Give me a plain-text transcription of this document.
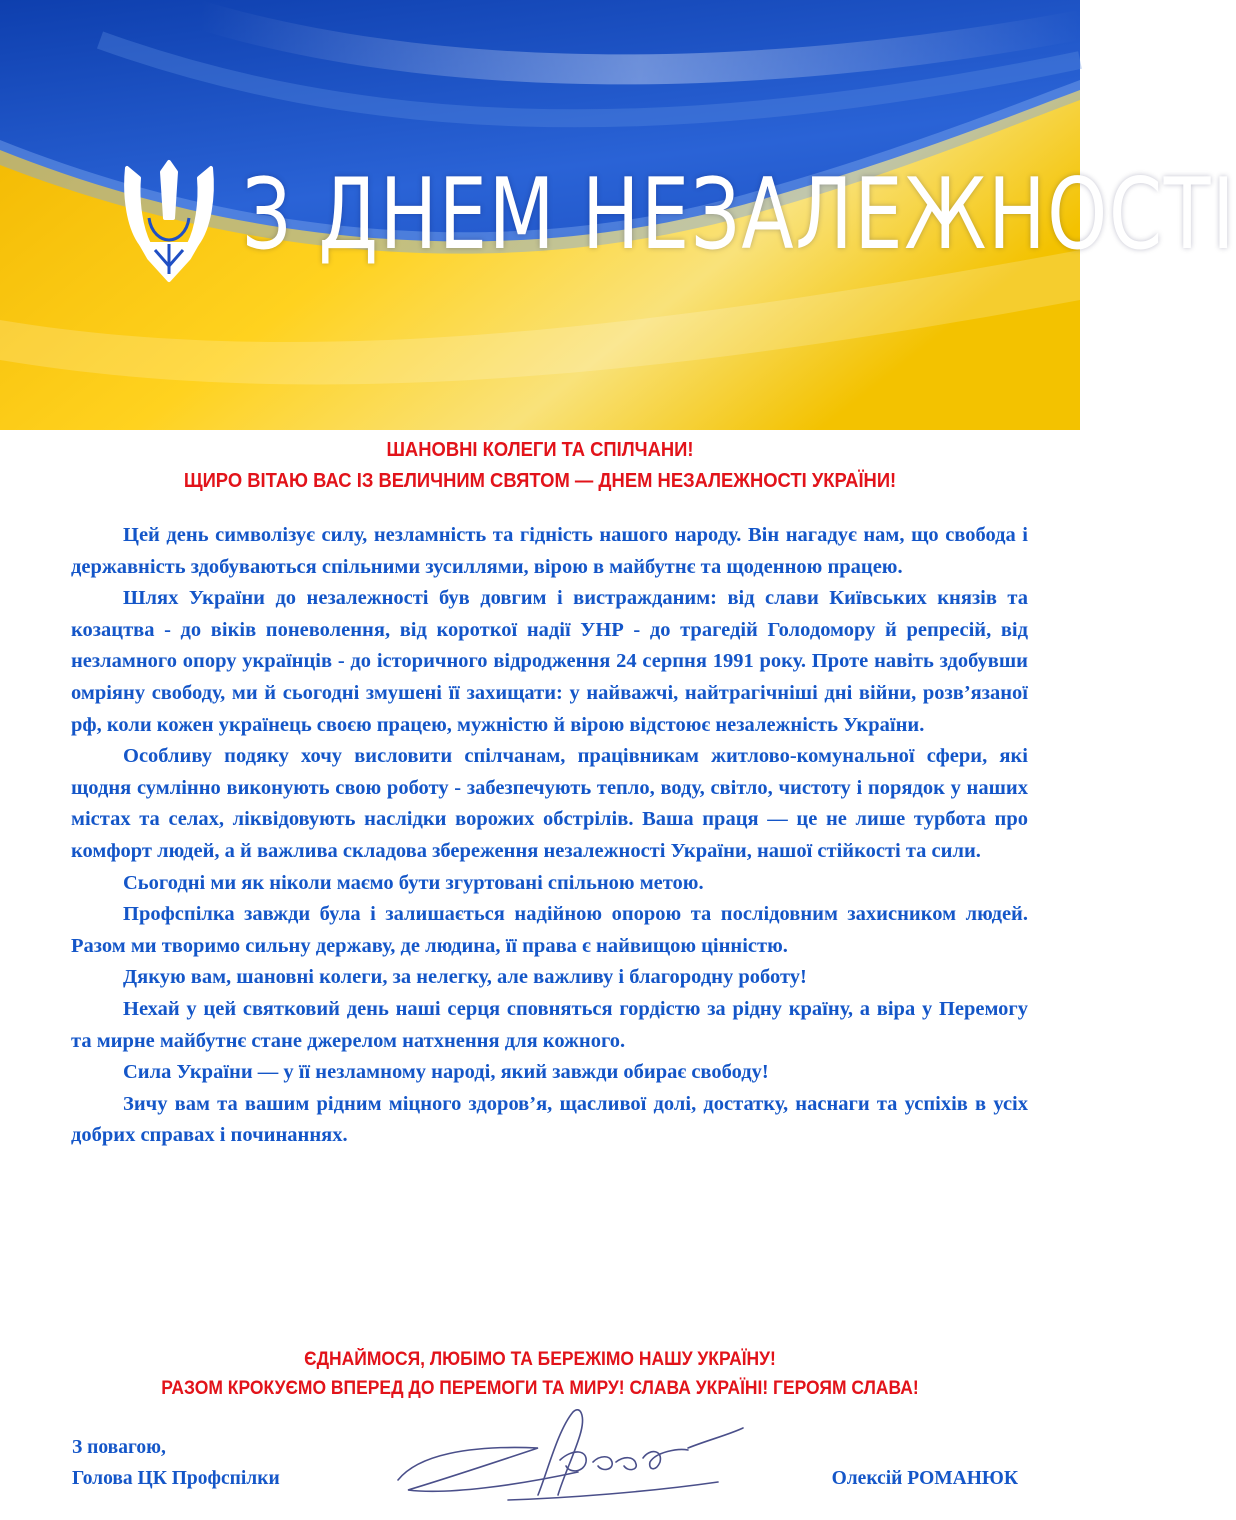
З ДНЕМ НЕЗАЛЕЖНОСТІ
ШАНОВНІ КОЛЕГИ ТА СПІЛЧАНИ!
ЩИРО ВІТАЮ ВАС ІЗ ВЕЛИЧНИМ СВЯТОМ — ДНЕМ НЕЗАЛЕЖНОСТІ УКРАЇНИ!

Цей день символізує силу, незламність та гідність нашого народу. Він нагадує нам, що свобода і державність здобуваються спільними зусиллями, вірою в майбутнє та щоденною працею.

Шлях України до незалежності був довгим і вистражданим: від слави Київських князів та козацтва - до віків поневолення, від короткої надії УНР - до трагедій Голодомору й репресій, від незламного опору українців - до історичного відродження 24 серпня 1991 року. Проте навіть здобувши омріяну свободу, ми й сьогодні змушені її захищати: у найважчі, найтрагічніші дні війни, розв’язаної рф, коли кожен українець своєю працею, мужністю й вірою відстоює незалежність України.

Особливу подяку хочу висловити спілчанам, працівникам житлово-комунальної сфери, які щодня сумлінно виконують свою роботу - забезпечують тепло, воду, світло, чистоту і порядок у наших містах та селах, ліквідовують наслідки ворожих обстрілів. Ваша праця — це не лише турбота про комфорт людей, а й важлива складова збереження незалежності України, нашої стійкості та сили.

Сьогодні ми як ніколи маємо бути згуртовані спільною метою.

Профспілка завжди була і залишається надійною опорою та послідовним захисником людей. Разом ми творимо сильну державу, де людина, її права є найвищою цінністю.

Дякую вам, шановні колеги, за нелегку, але важливу і благородну роботу!

Нехай у цей святковий день наші серця сповняться гордістю за рідну країну, а віра у Перемогу та мирне майбутнє стане джерелом натхнення для кожного.

Сила України — у її незламному народі, який завжди обирає свободу!

Зичу вам та вашим рідним міцного здоров’я, щасливої долі, достатку, наснаги та успіхів в усіх добрих справах і починаннях.

ЄДНАЙМОСЯ, ЛЮБІМО ТА БЕРЕЖІМО НАШУ УКРАЇНУ!
РАЗОМ КРОКУЄМО ВПЕРЕД ДО ПЕРЕМОГИ ТА МИРУ! СЛАВА УКРАЇНІ! ГЕРОЯМ СЛАВА!
З повагою,
Голова ЦК Профспілки	Олексій РОМАНЮК
